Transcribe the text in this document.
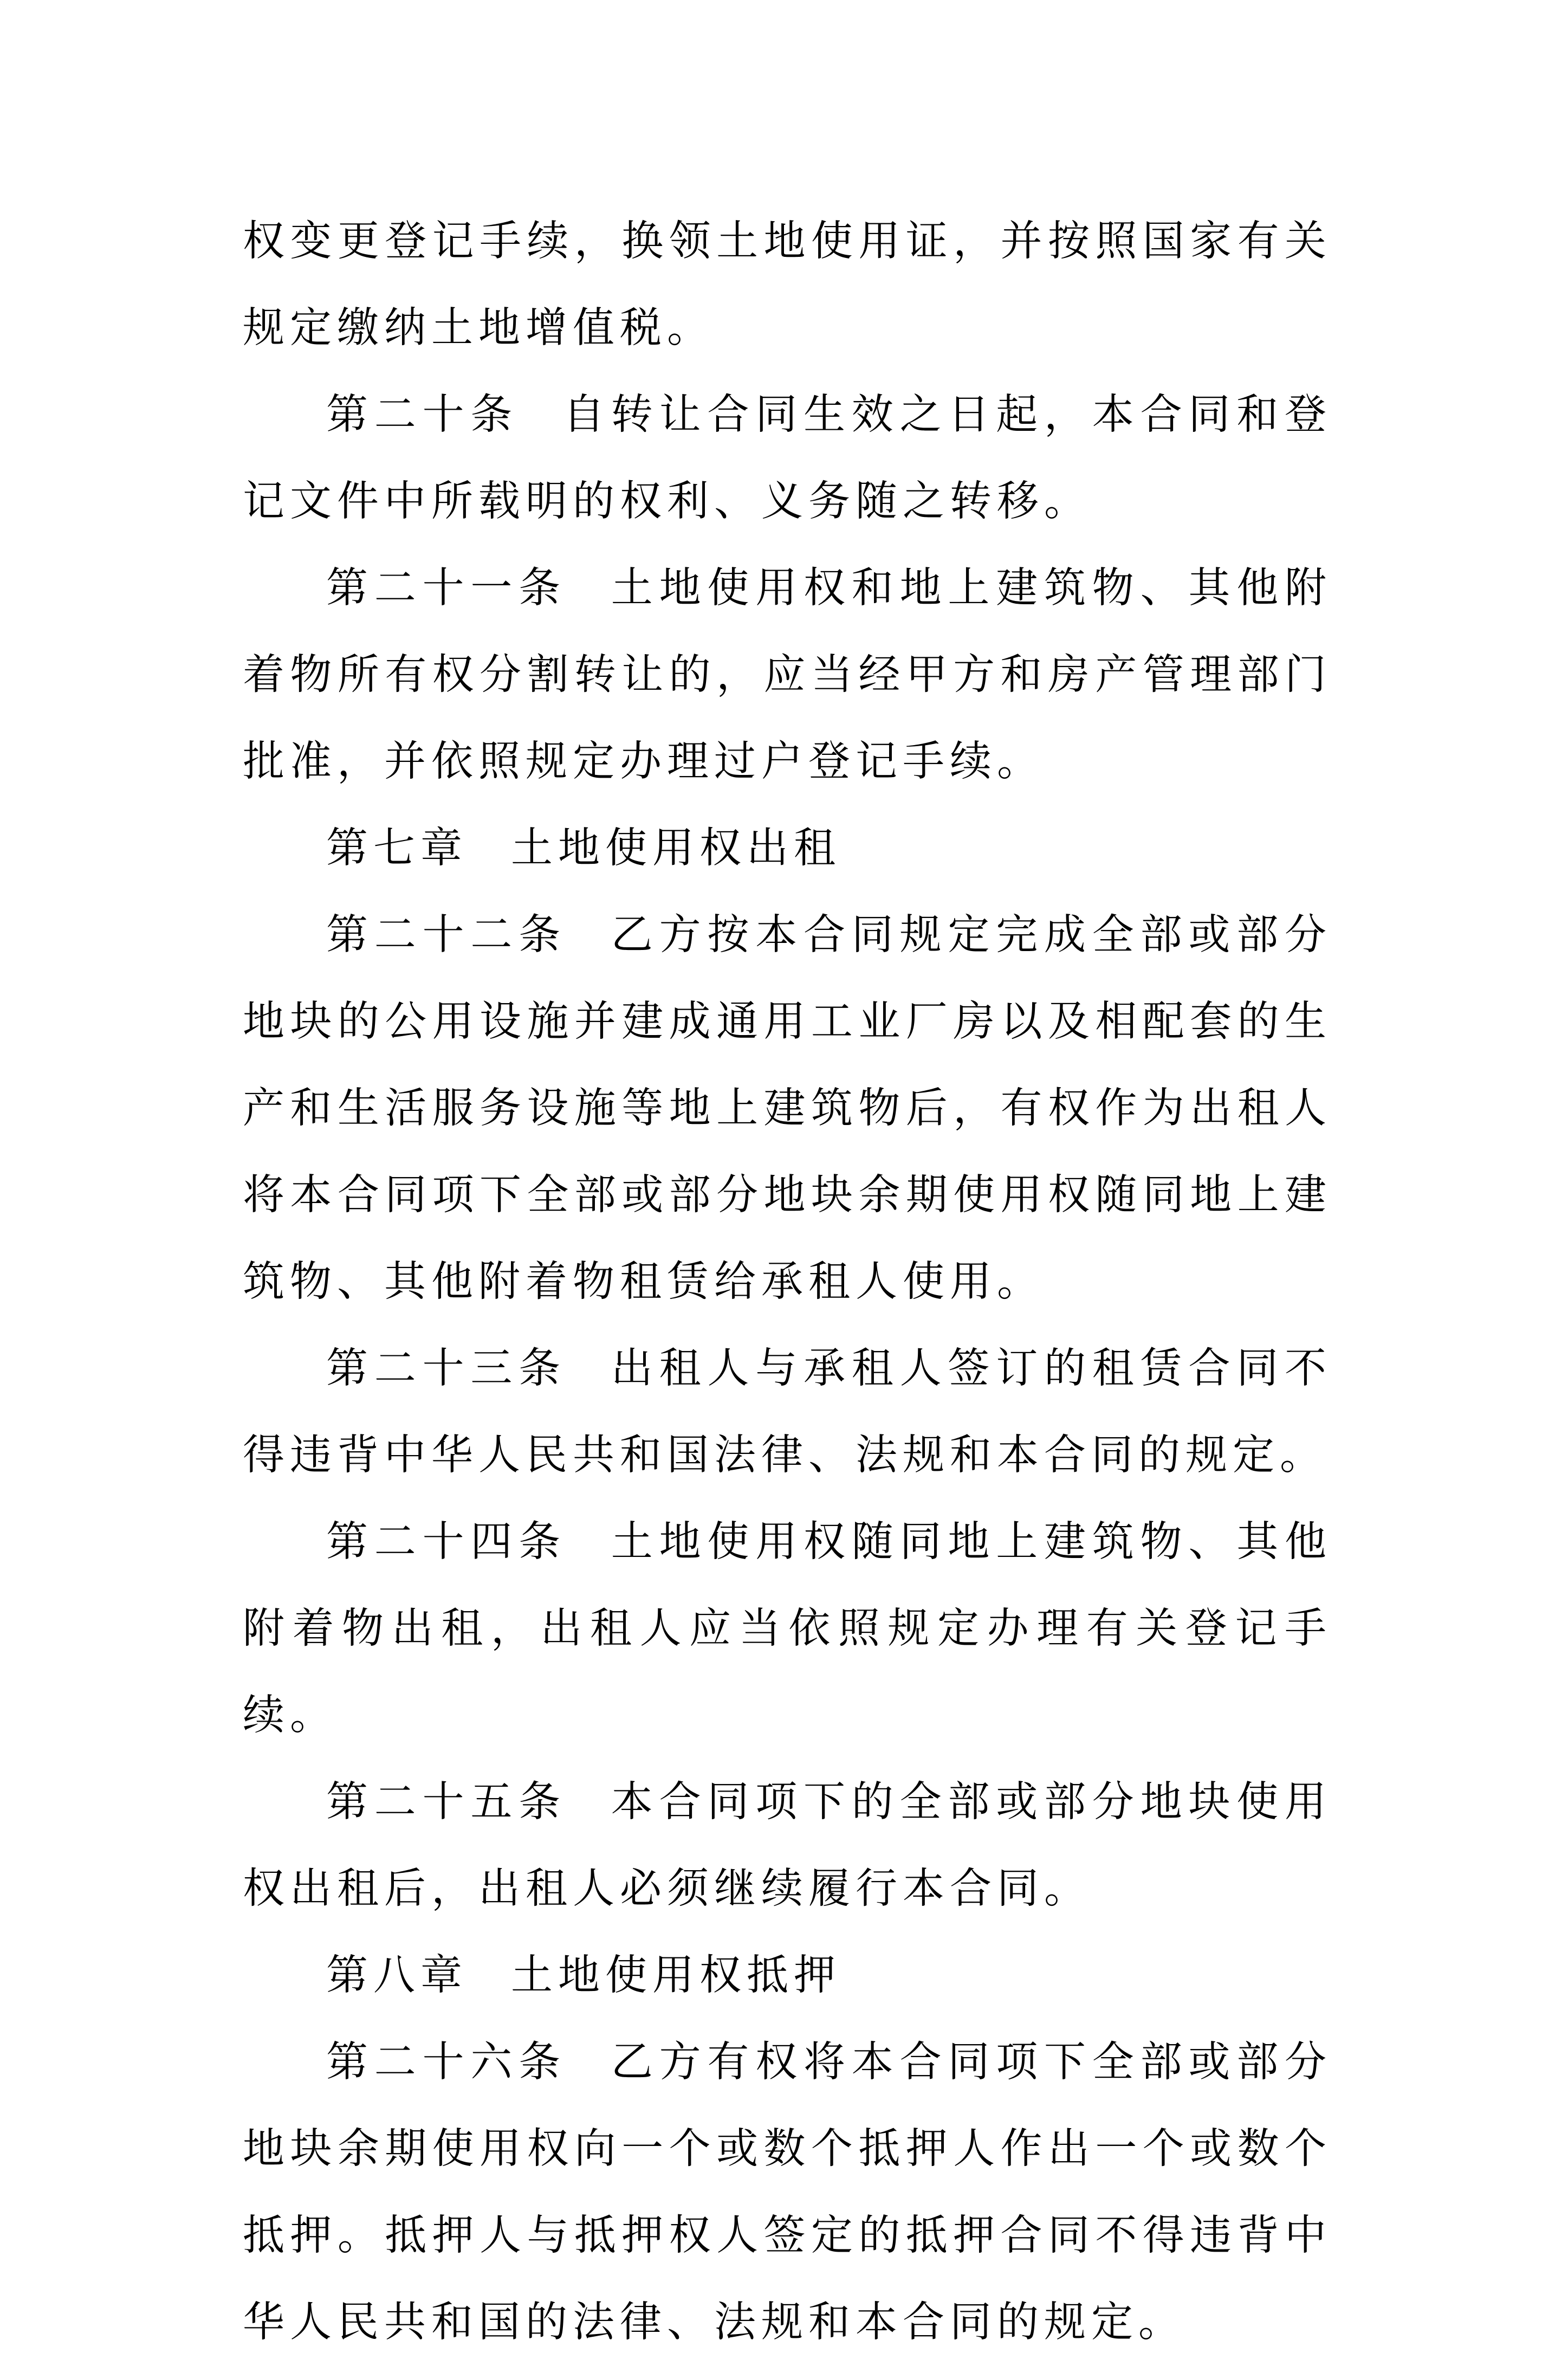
权变更登记手续，换领土地使用证，并按照国家有关规定缴纳土地增值税。

第二十条 自转让合同生效之日起，本合同和登记文件中所载明的权利、义务随之转移。

第二十一条 土地使用权和地上建筑物、其他附着物所有权分割转让的，应当经甲方和房产管理部门批准，并依照规定办理过户登记手续。

第七章 土地使用权出租

第二十二条 乙方按本合同规定完成全部或部分地块的公用设施并建成通用工业厂房以及相配套的生产和生活服务设施等地上建筑物后，有权作为出租人将本合同项下全部或部分地块余期使用权随同地上建筑物、其他附着物租赁给承租人使用。

第二十三条 出租人与承租人签订的租赁合同不得违背中华人民共和国法律、法规和本合同的规定。

第二十四条 土地使用权随同地上建筑物、其他附着物出租，出租人应当依照规定办理有关登记手续。

第二十五条 本合同项下的全部或部分地块使用权出租后，出租人必须继续履行本合同。

第八章 土地使用权抵押

第二十六条 乙方有权将本合同项下全部或部分地块余期使用权向一个或数个抵押人作出一个或数个抵押。抵押人与抵押权人签定的抵押合同不得违背中华人民共和国的法律、法规和本合同的规定。
